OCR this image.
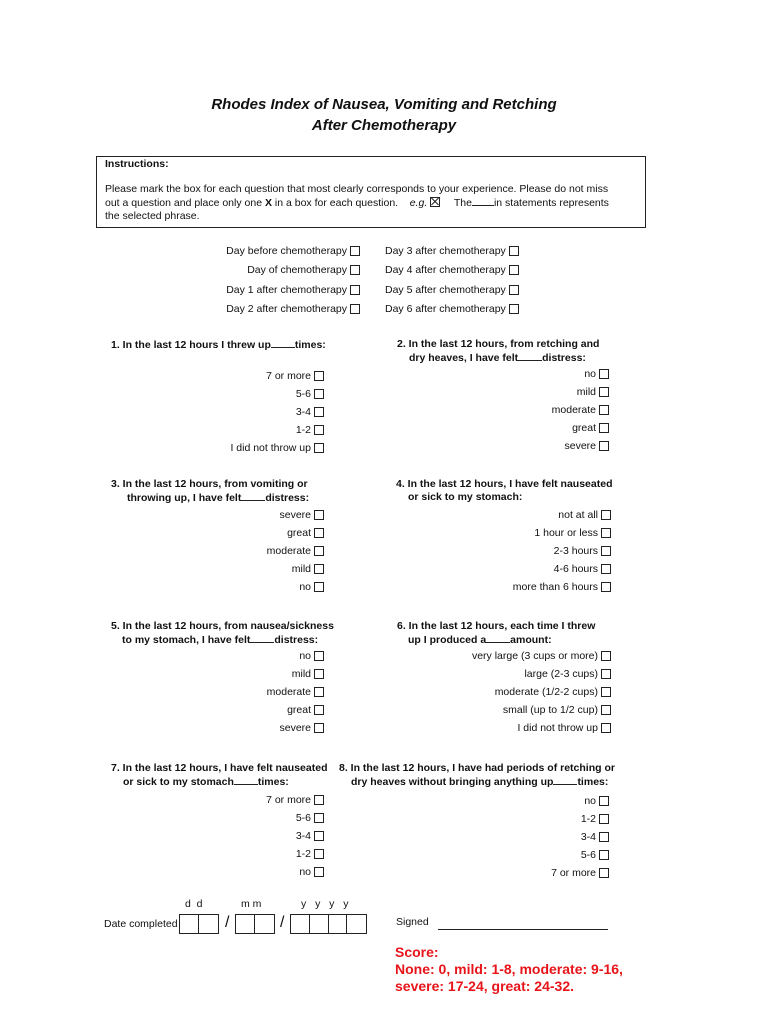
Rhodes Index of Nausea, Vomiting and Retching
After Chemotherapy
Instructions:
Please mark the box for each question that most clearly corresponds to your experience. Please do not miss
out a question and place only one X in a box for each question. e.g.	The in statements represents
the selected phrase.
Day before chemotherapy
Day of chemotherapy
Day 1 after chemotherapy
Day 2 after chemotherapy
Day 3 after chemotherapy
Day 4 after chemotherapy
Day 5 after chemotherapy
Day 6 after chemotherapy
1. In the last 12 hours I threw up times:
7 or more
5-6
3-4
1-2
I did not throw up
2. In the last 12 hours, from retching and
dry heaves, I have felt distress:
no
mild
moderate
great
severe
3. In the last 12 hours, from vomiting or
throwing up, I have felt distress:
severe
great
moderate
mild
no
4. In the last 12 hours, I have felt nauseated
or sick to my stomach:
not at all
1 hour or less
2-3 hours
4-6 hours
more than 6 hours
5. In the last 12 hours, from nausea/sickness
to my stomach, I have felt distress:
no
mild
moderate
great
severe
6. In the last 12 hours, each time I threw
up I produced a amount:
very large (3 cups or more)
large (2-3 cups)
moderate (1/2-2 cups)
small (up to 1/2 cup)
I did not throw up
7. In the last 12 hours, I have felt nauseated
or sick to my stomach times:
7 or more
5-6
3-4
1-2
no
8. In the last 12 hours, I have had periods of retching or
dry heaves without bringing anything up times:
no
1-2
3-4
5-6
7 or more
d  d	m m	y  y  y  y
Date completed	/	/	Signed
Score:
None: 0, mild: 1-8, moderate: 9-16,
severe: 17-24, great: 24-32.
